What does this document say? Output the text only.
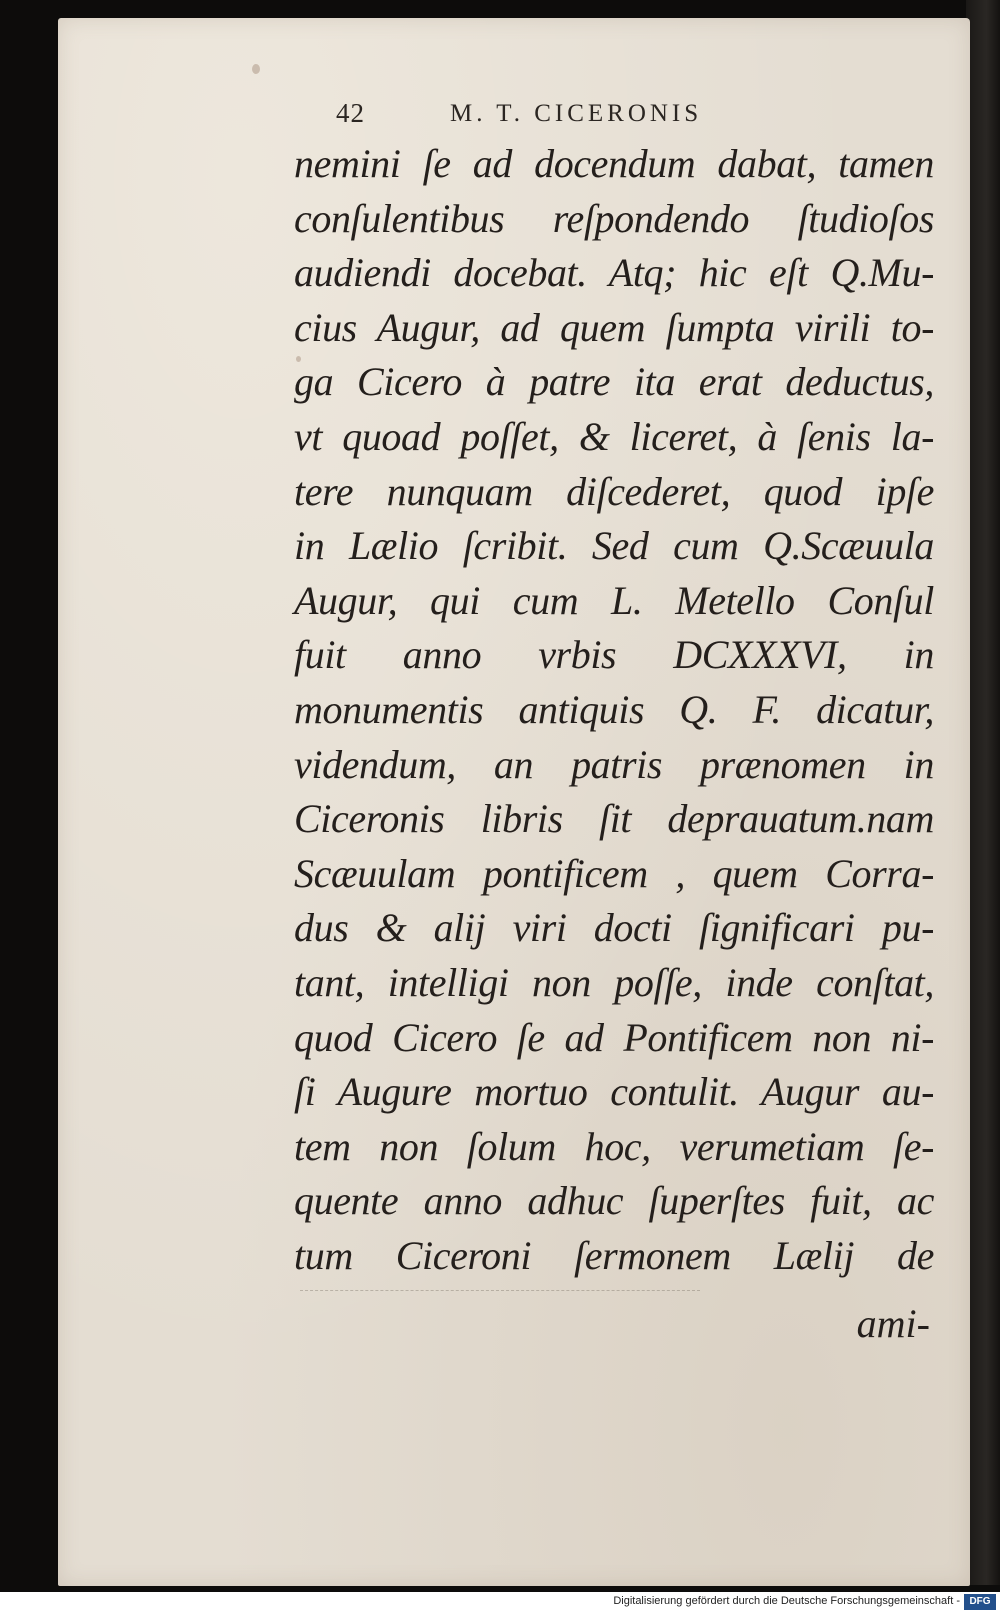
42	M. T. CICERONIS
nemini ſe ad docendum dabat, tamen
conſulentibus reſpondendo ſtudioſos
audiendi docebat. Atq; hic eſt Q.Mu-
cius Augur, ad quem ſumpta virili to-
ga Cicero à patre ita erat deductus,
vt quoad poſſet, & liceret, à ſenis la-
tere nunquam diſcederet, quod ipſe
in Lælio ſcribit. Sed cum Q.Scæuula
Augur, qui cum L. Metello Conſul
fuit anno vrbis DCXXXVI, in
monumentis antiquis Q. F. dicatur,
videndum, an patris prænomen in
Ciceronis libris ſit deprauatum.nam
Scæuulam pontificem , quem Corra-
dus & alij viri docti ſignificari pu-
tant, intelligi non poſſe, inde conſtat,
quod Cicero ſe ad Pontificem non ni-
ſi Augure mortuo contulit. Augur au-
tem non ſolum hoc, verumetiam ſe-
quente anno adhuc ſuperſtes fuit, ac
tum Ciceroni ſermonem Lælij de
ami-
Digitalisierung gefördert durch die Deutsche Forschungsgemeinschaft - DFG
